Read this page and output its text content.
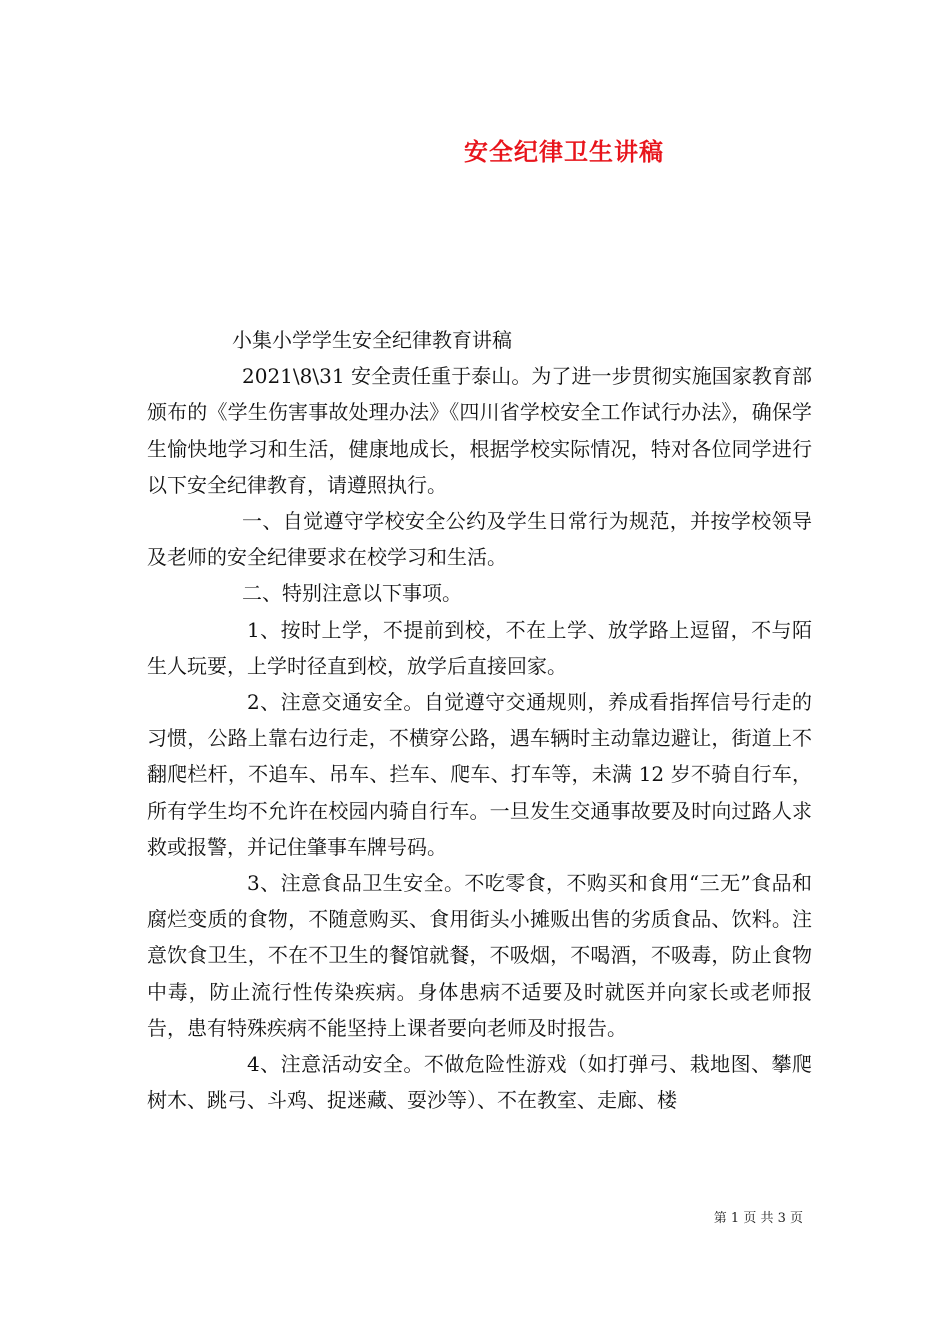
安全纪律卫生讲稿

小集小学学生安全纪律教育讲稿

2021\8\31 安全责任重于泰山。为了进一步贯彻实施国家教育部颁布的《学生伤害事故处理办法》《四川省学校安全工作试行办法》，确保学生愉快地学习和生活，健康地成长，根据学校实际情况，特对各位同学进行以下安全纪律教育，请遵照执行。

一、自觉遵守学校安全公约及学生日常行为规范，并按学校领导及老师的安全纪律要求在校学习和生活。

二、特别注意以下事项。

1、按时上学，不提前到校，不在上学、放学路上逗留，不与陌生人玩要，上学时径直到校，放学后直接回家。

2、注意交通安全。自觉遵守交通规则，养成看指挥信号行走的习惯，公路上靠右边行走，不横穿公路，遇车辆时主动靠边避让，街道上不翻爬栏杆，不追车、吊车、拦车、爬车、打车等，未满 12 岁不骑自行车，所有学生均不允许在校园内骑自行车。一旦发生交通事故要及时向过路人求救或报警，并记住肇事车牌号码。

3、注意食品卫生安全。不吃零食，不购买和食用“三无”食品和腐烂变质的食物，不随意购买、食用街头小摊贩出售的劣质食品、饮料。注意饮食卫生，不在不卫生的餐馆就餐，不吸烟，不喝酒，不吸毒，防止食物中毒，防止流行性传染疾病。身体患病不适要及时就医并向家长或老师报告，患有特殊疾病不能坚持上课者要向老师及时报告。

4、注意活动安全。不做危险性游戏（如打弹弓、栽地图、攀爬树木、跳弓、斗鸡、捉迷藏、耍沙等）、不在教室、走廊、楼

第 1 页 共 3 页
